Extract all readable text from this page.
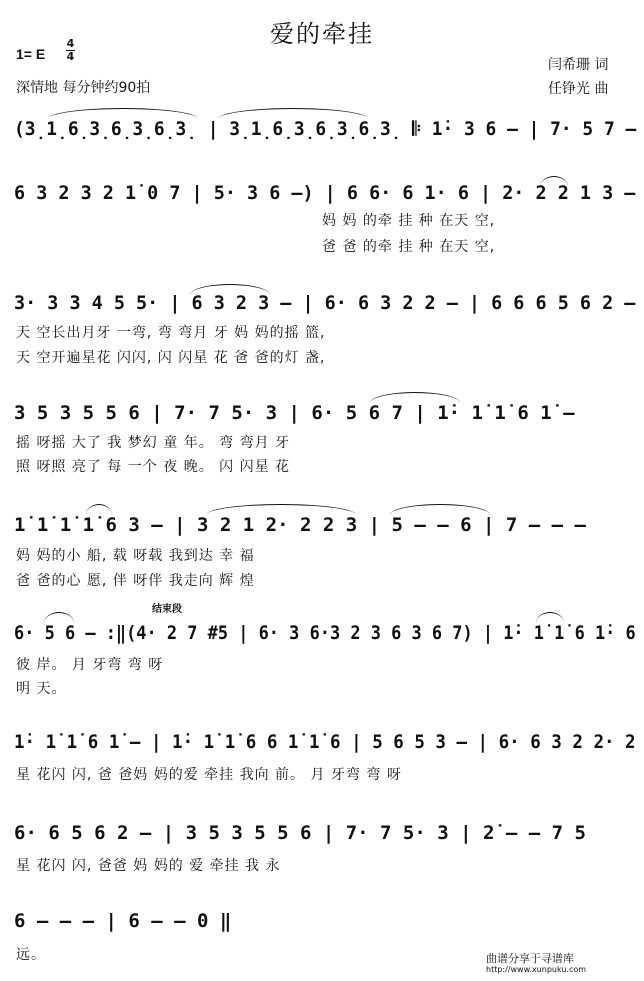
爱的牵挂
1= E
4
4
深情地 每分钟约90拍
闫希珊 词
任铮光 曲
(3̣1̣6̣3̣6̣3̣6̣3̣ | 3̣1̣6̣3̣6̣3̣6̣3̣ 𝄆 1̇· 3 6 – | 7· 5 7 –
6 3 2 3 2 1̇ 0 7 | 5· 3 6 –) | 6 6· 6 1· 6 | 2· 2 2 1 3 –
妈 妈 的牵 挂 种 在天 空,
爸 爸 的牵 挂 种 在天 空,
3· 3 3 4 5 5· | 6 3 2 3 – | 6· 6 3 2 2 – | 6 6 6 5 6 2 –
天 空长出月牙 一弯, 弯 弯月 牙 妈 妈的摇 篮,
天 空开遍星花 闪闪, 闪 闪星 花 爸 爸的灯 盏,
3 5 3 5 5 6 | 7· 7 5· 3 | 6· 5 6 7 | 1̇· 1̇ 1̇ 6 1̇ –
摇 呀摇 大了 我 梦幻 童 年。 弯 弯月 牙
照 呀照 亮了 每 一个 夜 晚。 闪 闪星 花
1̇ 1̇ 1̇ 1̇ 6 3 – | 3 2 1 2· 2 2 3 | 5 – – 6 | 7 – – –
妈 妈的小 船, 载 呀载 我到达 幸 福
爸 爸的心 愿, 伴 呀伴 我走向 辉 煌
结束段
6· 5 6 – :‖(4· 2 7 #5 | 6· 3 6·3 2 3 6 3 6 7) | 1̇· 1̇ 1̇ 6 1̇· 6
彼 岸。 月 牙弯 弯 呀
明 天。
1̇· 1̇ 1̇ 6 1̇ – | 1̇· 1̇ 1̇ 6 6 1̇ 1̇ 6 | 5 6 5 3 – | 6· 6 3 2 2· 2
星 花闪 闪, 爸 爸妈 妈的爱 牵挂 我向 前。 月 牙弯 弯 呀
6· 6 5 6 2 – | 3 5 3 5 5 6 | 7· 7 5· 3 | 2̇ – – 7 5
星 花闪 闪, 爸爸 妈 妈的 爱 牵挂 我 永
6 – – – | 6 – – 0 ‖
远。	曲谱分享于寻谱库
http://www.xunpuku.com
